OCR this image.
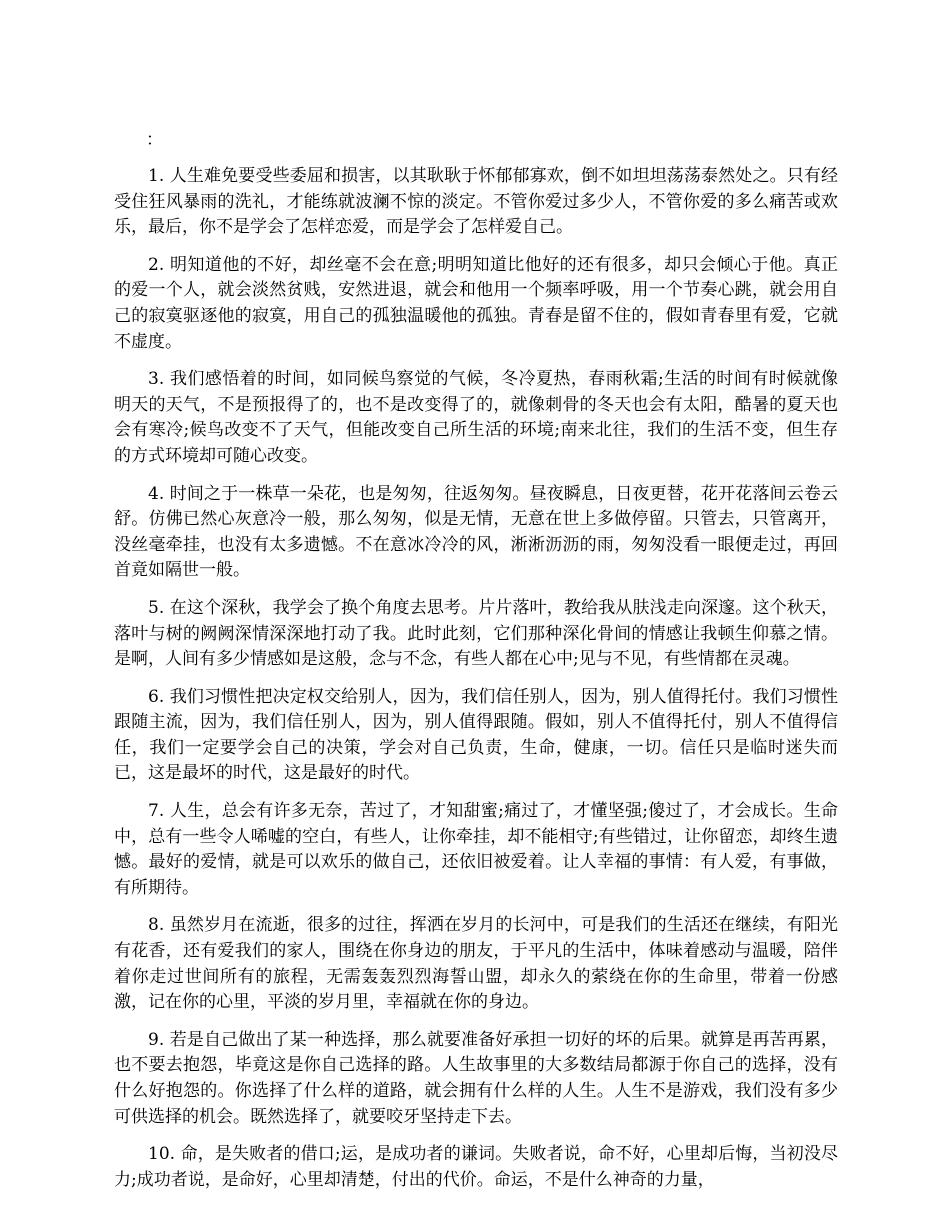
：

1. 人生难免要受些委屈和损害，以其耿耿于怀郁郁寡欢，倒不如坦坦荡荡泰然处之。只有经受住狂风暴雨的洗礼，才能练就波澜不惊的淡定。不管你爱过多少人，不管你爱的多么痛苦或欢乐，最后，你不是学会了怎样恋爱，而是学会了怎样爱自己。

2. 明知道他的不好，却丝毫不会在意;明明知道比他好的还有很多，却只会倾心于他。真正的爱一个人，就会淡然贫贱，安然进退，就会和他用一个频率呼吸，用一个节奏心跳，就会用自己的寂寞驱逐他的寂寞，用自己的孤独温暖他的孤独。青春是留不住的，假如青春里有爱，它就不虚度。

3. 我们感悟着的时间，如同候鸟察觉的气候，冬冷夏热，春雨秋霜;生活的时间有时候就像明天的天气，不是预报得了的，也不是改变得了的，就像刺骨的冬天也会有太阳，酷暑的夏天也会有寒冷;候鸟改变不了天气，但能改变自己所生活的环境;南来北往，我们的生活不变，但生存的方式环境却可随心改变。

4. 时间之于一株草一朵花，也是匆匆，往返匆匆。昼夜瞬息，日夜更替，花开花落间云卷云舒。仿佛已然心灰意冷一般，那么匆匆，似是无情，无意在世上多做停留。只管去，只管离开，没丝毫牵挂，也没有太多遗憾。不在意冰冷冷的风，淅淅沥沥的雨，匆匆没看一眼便走过，再回首竟如隔世一般。

5. 在这个深秋，我学会了换个角度去思考。片片落叶，教给我从肤浅走向深邃。这个秋天，落叶与树的阙阙深情深深地打动了我。此时此刻，它们那种深化骨间的情感让我顿生仰慕之情。是啊，人间有多少情感如是这般，念与不念，有些人都在心中;见与不见，有些情都在灵魂。

6. 我们习惯性把决定权交给别人，因为，我们信任别人，因为，别人值得托付。我们习惯性跟随主流，因为，我们信任别人，因为，别人值得跟随。假如，别人不值得托付，别人不值得信任，我们一定要学会自己的决策，学会对自己负责，生命，健康，一切。信任只是临时迷失而已，这是最坏的时代，这是最好的时代。

7. 人生，总会有许多无奈，苦过了，才知甜蜜;痛过了，才懂坚强;傻过了，才会成长。生命中，总有一些令人唏嘘的空白，有些人，让你牵挂，却不能相守;有些错过，让你留恋，却终生遗憾。最好的爱情，就是可以欢乐的做自己，还依旧被爱着。让人幸福的事情：有人爱，有事做，有所期待。

8. 虽然岁月在流逝，很多的过往，挥洒在岁月的长河中，可是我们的生活还在继续，有阳光有花香，还有爱我们的家人，围绕在你身边的朋友，于平凡的生活中，体味着感动与温暖，陪伴着你走过世间所有的旅程，无需轰轰烈烈海誓山盟，却永久的萦绕在你的生命里，带着一份感激，记在你的心里，平淡的岁月里，幸福就在你的身边。

9. 若是自己做出了某一种选择，那么就要准备好承担一切好的坏的后果。就算是再苦再累，也不要去抱怨，毕竟这是你自己选择的路。人生故事里的大多数结局都源于你自己的选择，没有什么好抱怨的。你选择了什么样的道路，就会拥有什么样的人生。人生不是游戏，我们没有多少可供选择的机会。既然选择了，就要咬牙坚持走下去。

10. 命，是失败者的借口;运，是成功者的谦词。失败者说，命不好，心里却后悔，当初没尽力;成功者说，是命好，心里却清楚，付出的代价。命运，不是什么神奇的力量，
